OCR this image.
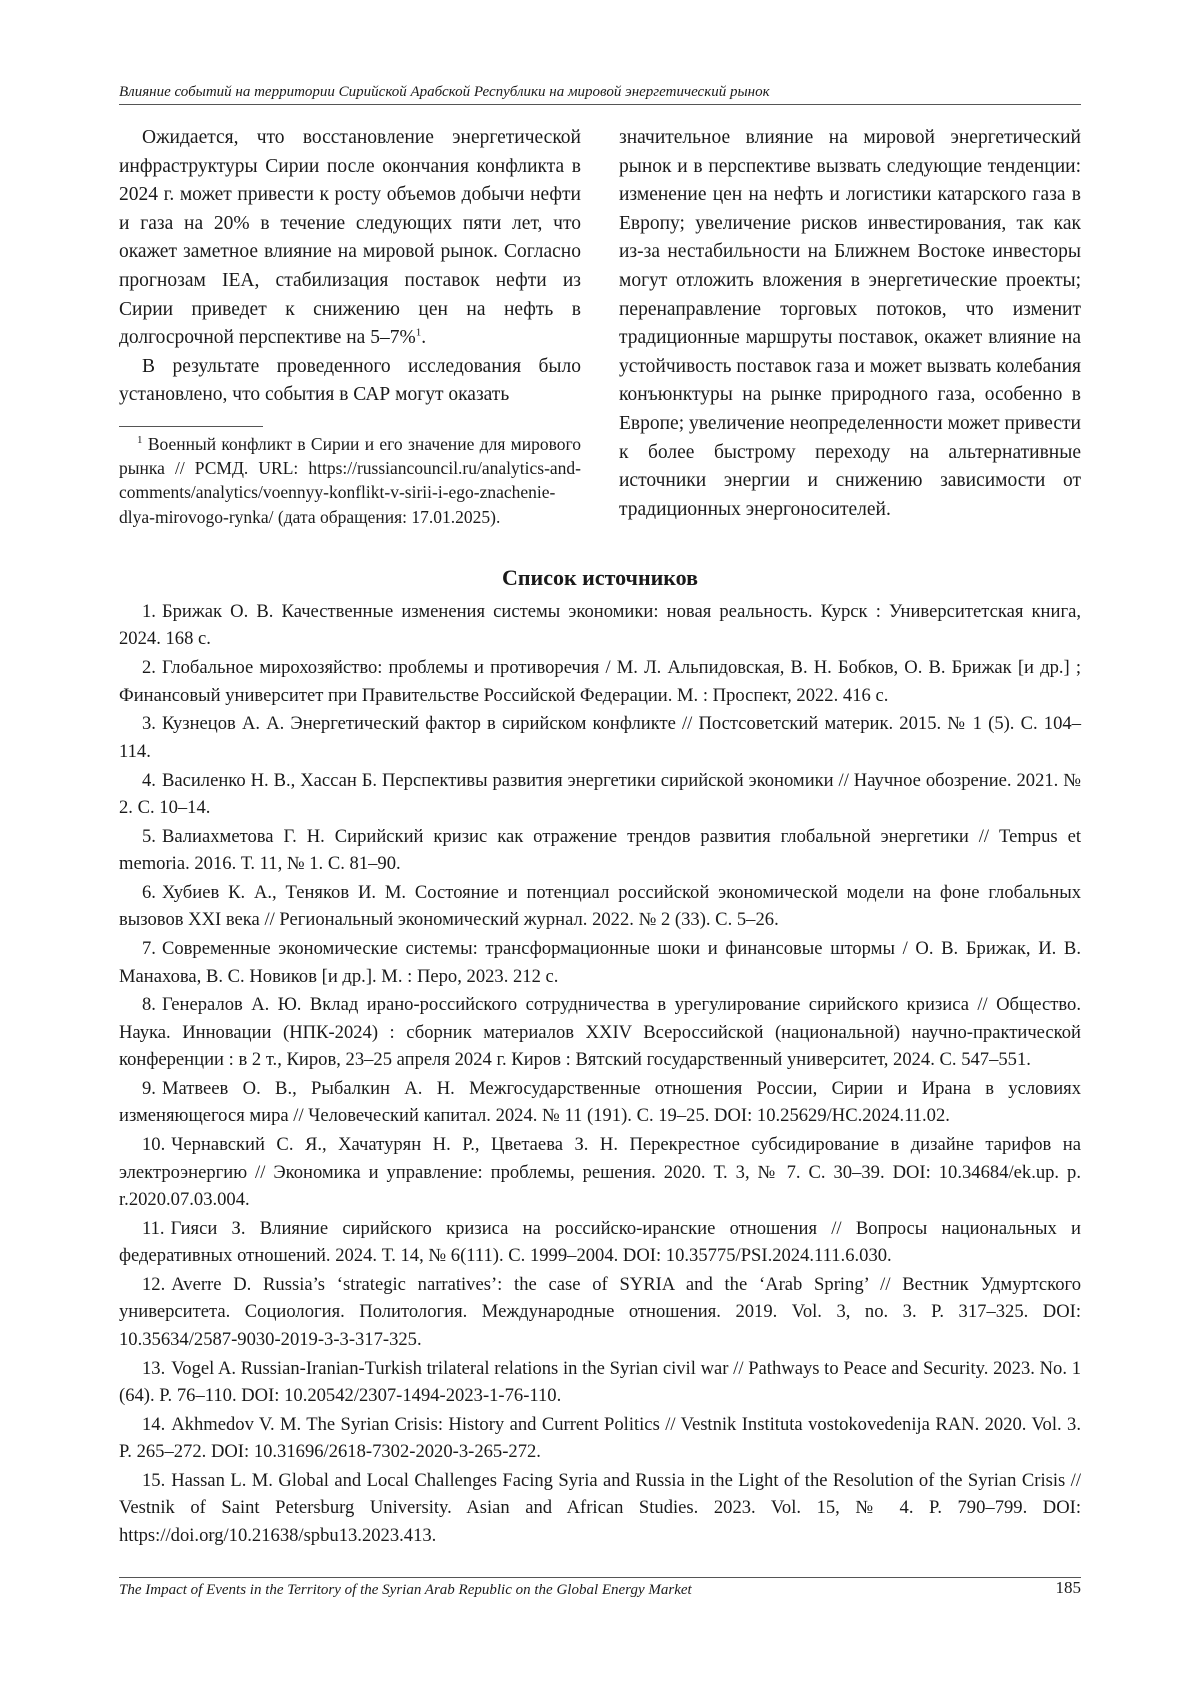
Влияние событий на территории Сирийской Арабской Республики на мировой энергетический рынок

Ожидается, что восстановление энергетической инфраструктуры Сирии после окончания конфликта в 2024 г. может привести к росту объемов добычи нефти и газа на 20% в течение следующих пяти лет, что окажет заметное влияние на мировой рынок. Согласно прогнозам IEA, стабилизация поставок нефти из Сирии приведет к снижению цен на нефть в долгосрочной перспективе на 5–7%$^1$.

В результате проведенного исследования было установлено, что события в САР могут оказать

$^1$ Военный конфликт в Сирии и его значение для мирового рынка // РСМД. URL: https://russiancouncil.ru/analytics-and-comments/analytics/voennyy-konflikt-v-sirii-i-ego-znachenie-dlya-mirovogo-rynka/ (дата обращения: 17.01.2025).

значительное влияние на мировой энергетический рынок и в перспективе вызвать следующие тенденции: изменение цен на нефть и логистики катарского газа в Европу; увеличение рисков инвестирования, так как из-за нестабильности на Ближнем Востоке инвесторы могут отложить вложения в энергетические проекты; перенаправление торговых потоков, что изменит традиционные маршруты поставок, окажет влияние на устойчивость поставок газа и может вызвать колебания конъюнктуры на рынке природного газа, особенно в Европе; увеличение неопределенности может привести к более быстрому переходу на альтернативные источники энергии и снижению зависимости от традиционных энергоносителей.

Список источников
1. Брижак О. В. Качественные изменения системы экономики: новая реальность. Курск : Университетская книга, 2024. 168 с.
2. Глобальное мирохозяйство: проблемы и противоречия / М. Л. Альпидовская, В. Н. Бобков, О. В. Брижак [и др.] ; Финансовый университет при Правительстве Российской Федерации. М. : Проспект, 2022. 416 с.
3. Кузнецов А. А. Энергетический фактор в сирийском конфликте // Постсоветский материк. 2015. № 1 (5). С. 104–114.
4. Василенко Н. В., Хассан Б. Перспективы развития энергетики сирийской экономики // Научное обозрение. 2021. № 2. С. 10–14.
5. Валиахметова Г. Н. Сирийский кризис как отражение трендов развития глобальной энергетики // Tempus et memoria. 2016. Т. 11, № 1. С. 81–90.
6. Хубиев К. А., Теняков И. М. Состояние и потенциал российской экономической модели на фоне глобальных вызовов XXI века // Региональный экономический журнал. 2022. № 2 (33). С. 5–26.
7. Современные экономические системы: трансформационные шоки и финансовые штормы / О. В. Брижак, И. В. Манахова, В. С. Новиков [и др.]. М. : Перо, 2023. 212 с.
8. Генералов А. Ю. Вклад ирано-российского сотрудничества в урегулирование сирийского кризиса // Общество. Наука. Инновации (НПК-2024) : сборник материалов XXIV Всероссийской (национальной) научно-практической конференции : в 2 т., Киров, 23–25 апреля 2024 г. Киров : Вятский государственный университет, 2024. С. 547–551.
9. Матвеев О. В., Рыбалкин А. Н. Межгосударственные отношения России, Сирии и Ирана в условиях изменяющегося мира // Человеческий капитал. 2024. № 11 (191). С. 19–25. DOI: 10.25629/HC.2024.11.02.
10. Чернавский С. Я., Хачатурян Н. Р., Цветаева З. Н. Перекрестное субсидирование в дизайне тарифов на электроэнергию // Экономика и управление: проблемы, решения. 2020. Т. 3, № 7. С. 30–39. DOI: 10.34684/ek.up. p. r.2020.07.03.004.
11. Гияси З. Влияние сирийского кризиса на российско-иранские отношения // Вопросы национальных и федеративных отношений. 2024. Т. 14, № 6(111). С. 1999–2004. DOI: 10.35775/PSI.2024.111.6.030.
12. Averre D. Russia’s ‘strategic narratives’: the case of SYRIA and the ‘Arab Spring’ // Вестник Удмуртского университета. Социология. Политология. Международные отношения. 2019. Vol. 3, no. 3. P. 317–325. DOI: 10.35634/2587-9030-2019-3-3-317-325.
13. Vogel A. Russian-Iranian-Turkish trilateral relations in the Syrian civil war // Pathways to Peace and Security. 2023. No. 1 (64). P. 76–110. DOI: 10.20542/2307-1494-2023-1-76-110.
14. Akhmedov V. M. The Syrian Crisis: History and Current Politics // Vestnik Instituta vostokovedenija RAN. 2020. Vol. 3. P. 265–272. DOI: 10.31696/2618-7302-2020-3-265-272.
15. Hassan L. M. Global and Local Challenges Facing Syria and Russia in the Light of the Resolution of the Syrian Crisis // Vestnik of Saint Petersburg University. Asian and African Studies. 2023. Vol. 15, № 4. P. 790–799. DOI: https://doi.org/10.21638/spbu13.2023.413.
The Impact of Events in the Territory of the Syrian Arab Republic on the Global Energy Market	185
